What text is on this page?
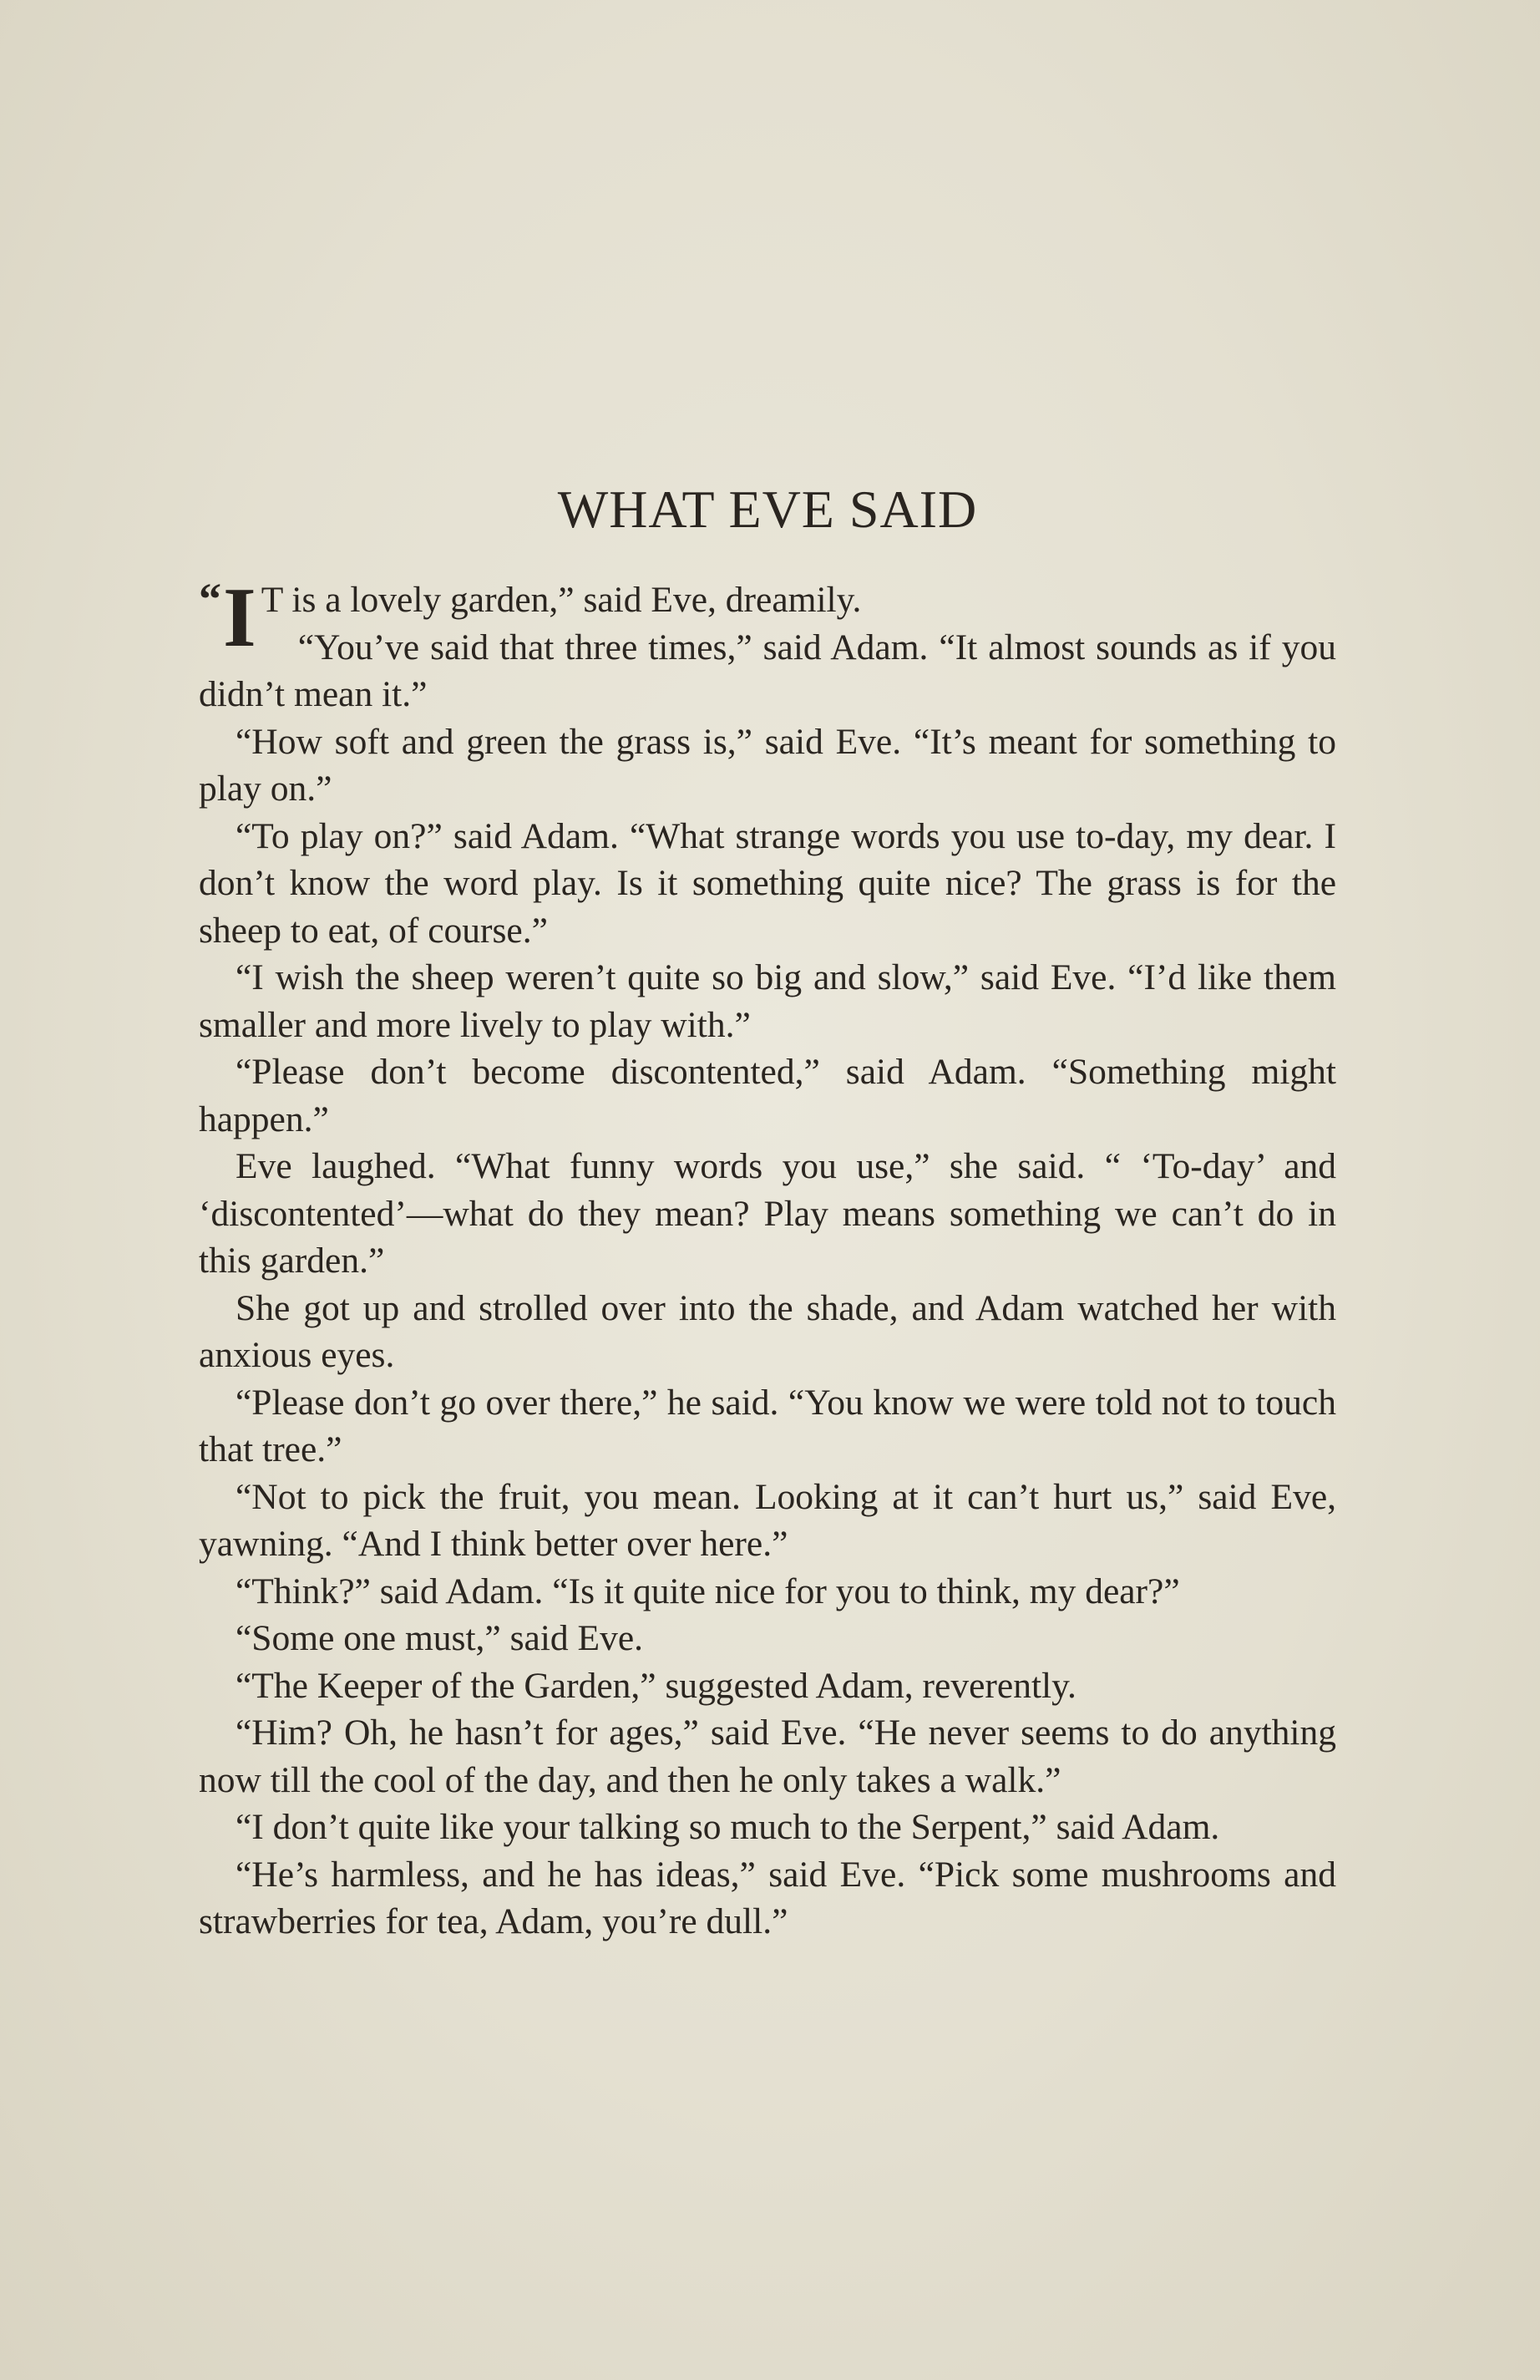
WHAT EVE SAID

“ I T is a lovely garden,” said Eve, dreamily.

“You’ve said that three times,” said Adam. “It almost sounds as if you didn’t mean it.”

“How soft and green the grass is,” said Eve. “It’s meant for something to play on.”

“To play on?” said Adam. “What strange words you use to-day, my dear. I don’t know the word play. Is it something quite nice? The grass is for the sheep to eat, of course.”

“I wish the sheep weren’t quite so big and slow,” said Eve. “I’d like them smaller and more lively to play with.”

“Please don’t become discontented,” said Adam. “Something might happen.”

Eve laughed. “What funny words you use,” she said. “ ‘To-day’ and ‘discontented’—what do they mean? Play means something we can’t do in this garden.”

She got up and strolled over into the shade, and Adam watched her with anxious eyes.

“Please don’t go over there,” he said. “You know we were told not to touch that tree.”

“Not to pick the fruit, you mean. Looking at it can’t hurt us,” said Eve, yawning. “And I think better over here.”

“Think?” said Adam. “Is it quite nice for you to think, my dear?”

“Some one must,” said Eve.

“The Keeper of the Garden,” suggested Adam, reverently.

“Him? Oh, he hasn’t for ages,” said Eve. “He never seems to do anything now till the cool of the day, and then he only takes a walk.”

“I don’t quite like your talking so much to the Serpent,” said Adam.

“He’s harmless, and he has ideas,” said Eve. “Pick some mushrooms and strawberries for tea, Adam, you’re dull.”
